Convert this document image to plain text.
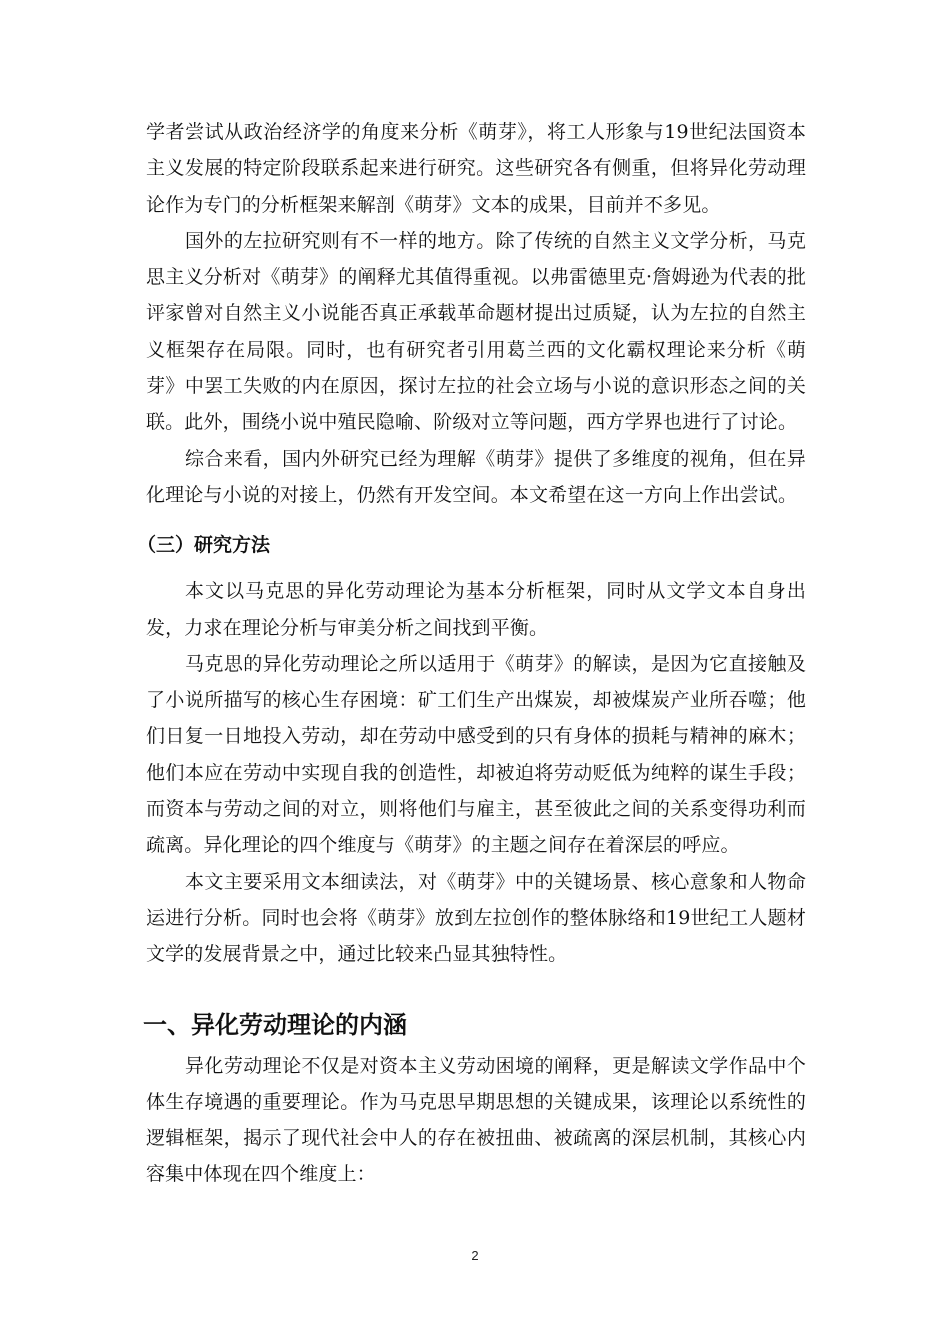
学者尝试从政治经济学的角度来分析《萌芽》，将工人形象与19世纪法国资本主义发展的特定阶段联系起来进行研究。这些研究各有侧重，但将异化劳动理论作为专门的分析框架来解剖《萌芽》文本的成果，目前并不多见。

国外的左拉研究则有不一样的地方。除了传统的自然主义文学分析，马克思主义分析对《萌芽》的阐释尤其值得重视。以弗雷德里克·詹姆逊为代表的批评家曾对自然主义小说能否真正承载革命题材提出过质疑，认为左拉的自然主义框架存在局限。同时，也有研究者引用葛兰西的文化霸权理论来分析《萌芽》中罢工失败的内在原因，探讨左拉的社会立场与小说的意识形态之间的关联。此外，围绕小说中殖民隐喻、阶级对立等问题，西方学界也进行了讨论。

综合来看，国内外研究已经为理解《萌芽》提供了多维度的视角，但在异化理论与小说的对接上，仍然有开发空间。本文希望在这一方向上作出尝试。

（三）研究方法

本文以马克思的异化劳动理论为基本分析框架，同时从文学文本自身出发，力求在理论分析与审美分析之间找到平衡。

马克思的异化劳动理论之所以适用于《萌芽》的解读，是因为它直接触及了小说所描写的核心生存困境：矿工们生产出煤炭，却被煤炭产业所吞噬；他们日复一日地投入劳动，却在劳动中感受到的只有身体的损耗与精神的麻木；他们本应在劳动中实现自我的创造性，却被迫将劳动贬低为纯粹的谋生手段；而资本与劳动之间的对立，则将他们与雇主，甚至彼此之间的关系变得功利而疏离。异化理论的四个维度与《萌芽》的主题之间存在着深层的呼应。

本文主要采用文本细读法，对《萌芽》中的关键场景、核心意象和人物命运进行分析。同时也会将《萌芽》放到左拉创作的整体脉络和19世纪工人题材文学的发展背景之中，通过比较来凸显其独特性。

一、异化劳动理论的内涵

异化劳动理论不仅是对资本主义劳动困境的阐释，更是解读文学作品中个体生存境遇的重要理论。作为马克思早期思想的关键成果，该理论以系统性的逻辑框架，揭示了现代社会中人的存在被扭曲、被疏离的深层机制，其核心内容集中体现在四个维度上：

2
